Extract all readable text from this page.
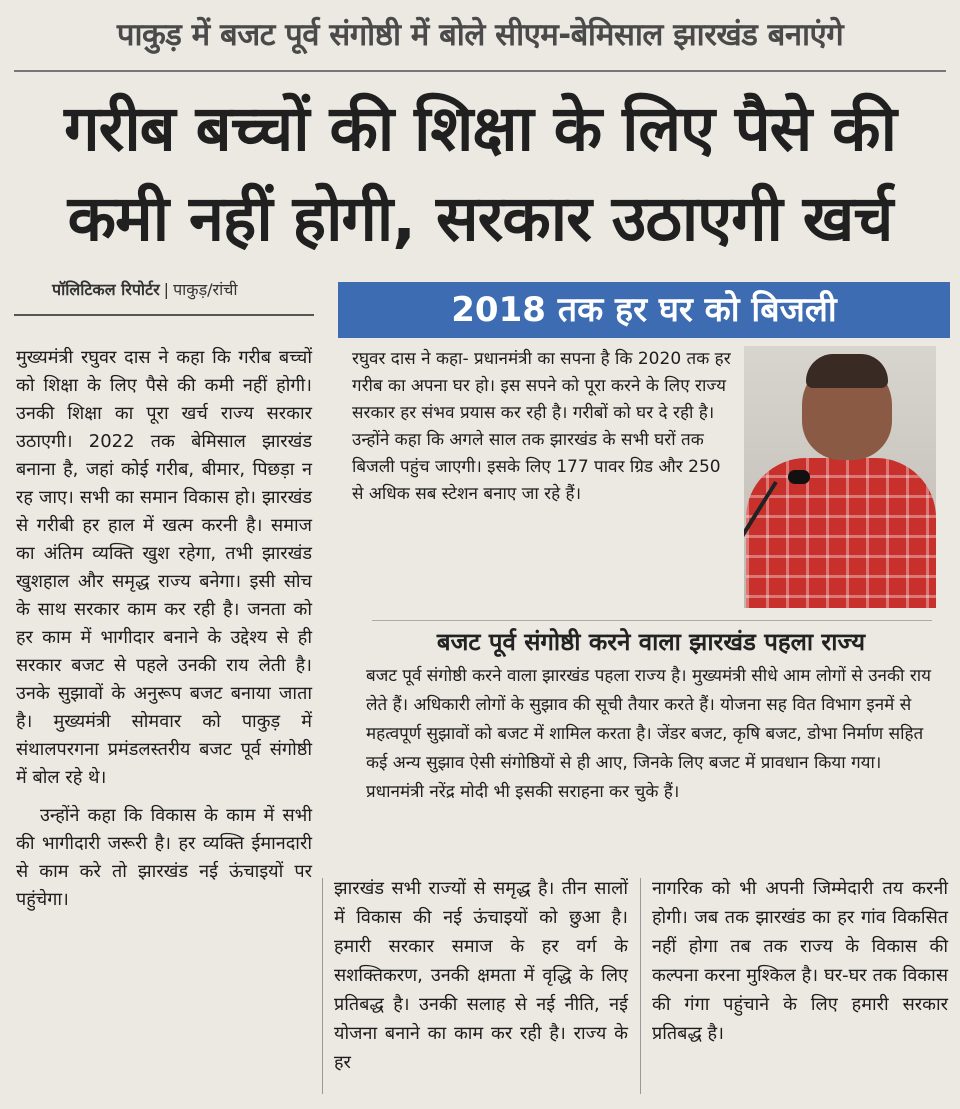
पाकुड़ में बजट पूर्व संगोष्ठी में बोले सीएम-बेमिसाल झारखंड बनाएंगे
गरीब बच्चों की शिक्षा के लिए पैसे की
कमी नहीं होगी, सरकार उठाएगी खर्च
पॉलिटिकल रिपोर्टर | पाकुड़/रांची

मुख्यमंत्री रघुवर दास ने कहा कि गरीब बच्चों को शिक्षा के लिए पैसे की कमी नहीं होगी। उनकी शिक्षा का पूरा खर्च राज्य सरकार उठाएगी। 2022 तक बेमिसाल झारखंड बनाना है, जहां कोई गरीब, बीमार, पिछड़ा न रह जाए। सभी का समान विकास हो। झारखंड से गरीबी हर हाल में खत्म करनी है। समाज का अंतिम व्यक्ति खुश रहेगा, तभी झारखंड खुशहाल और समृद्ध राज्य बनेगा। इसी सोच के साथ सरकार काम कर रही है। जनता को हर काम में भागीदार बनाने के उद्देश्य से ही सरकार बजट से पहले उनकी राय लेती है। उनके सुझावों के अनुरूप बजट बनाया जाता है। मुख्यमंत्री सोमवार को पाकुड़ में संथालपरगना प्रमंडलस्तरीय बजट पूर्व संगोष्ठी में बोल रहे थे।

उन्होंने कहा कि विकास के काम में सभी की भागीदारी जरूरी है। हर व्यक्ति ईमानदारी से काम करे तो झारखंड नई ऊंचाइयों पर पहुंचेगा।

2018 तक हर घर को बिजली
रघुवर दास ने कहा- प्रधानमंत्री का सपना है कि 2020 तक हर गरीब का अपना घर हो। इस सपने को पूरा करने के लिए राज्य सरकार हर संभव प्रयास कर रही है। गरीबों को घर दे रही है। उन्होंने कहा कि अगले साल तक झारखंड के सभी घरों तक बिजली पहुंच जाएगी। इसके लिए 177 पावर ग्रिड और 250 से अधिक सब स्टेशन बनाए जा रहे हैं।
बजट पूर्व संगोष्ठी करने वाला झारखंड पहला राज्य
बजट पूर्व संगोष्ठी करने वाला झारखंड पहला राज्य है। मुख्यमंत्री सीधे आम लोगों से उनकी राय लेते हैं। अधिकारी लोगों के सुझाव की सूची तैयार करते हैं। योजना सह वित विभाग इनमें से महत्वपूर्ण सुझावों को बजट में शामिल करता है। जेंडर बजट, कृषि बजट, डोभा निर्माण सहित कई अन्य सुझाव ऐसी संगोष्ठियों से ही आए, जिनके लिए बजट में प्रावधान किया गया। प्रधानमंत्री नरेंद्र मोदी भी इसकी सराहना कर चुके हैं।
झारखंड सभी राज्यों से समृद्ध है। तीन सालों में विकास की नई ऊंचाइयों को छुआ है। हमारी सरकार समाज के हर वर्ग के सशक्तिकरण, उनकी क्षमता में वृद्धि के लिए प्रतिबद्ध है। उनकी सलाह से नई नीति, नई योजना बनाने का काम कर रही है। राज्य के हर
नागरिक को भी अपनी जिम्मेदारी तय करनी होगी। जब तक झारखंड का हर गांव विकसित नहीं होगा तब तक राज्य के विकास की कल्पना करना मुश्किल है। घर-घर तक विकास की गंगा पहुंचाने के लिए हमारी सरकार प्रतिबद्ध है।
